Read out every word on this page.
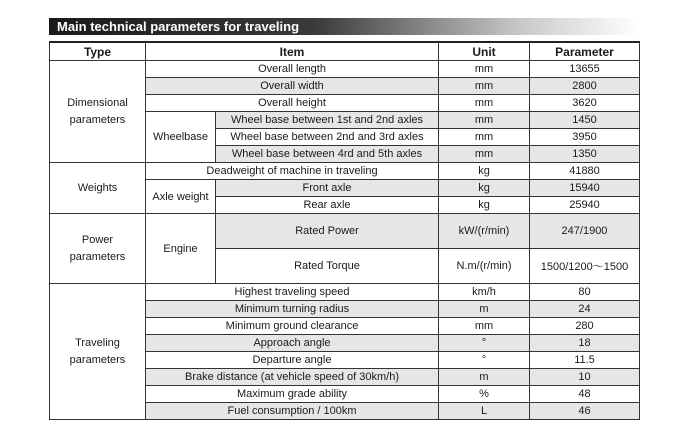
Main technical parameters for traveling
Type	Item		Unit	Parameter

Dimensional
parameters	Overall length		mm	13655
	Overall width		mm	2800
	Overall height		mm	3620
	Wheelbase	Wheel base between 1st and 2nd axles	mm	1450
		Wheel base between 2nd and 3rd axles	mm	3950
		Wheel base between 4rd and 5th axles	mm	1350
Weights	Deadweight of machine in traveling		kg	41880
	Axle weight	Front axle	kg	15940
		Rear axle	kg	25940

Power
parameters	Engine	Rated Power	kW/(r/min)	247/1900
		Rated Torque	N.m/(r/min)	1500/1200～1500

Traveling
parameters	Highest traveling speed		km/h	80
	Minimum turning radius		m	24
	Minimum ground clearance		mm	280
	Approach angle		°	18
	Departure angle		°	11.5
	Brake distance (at vehicle speed of 30km/h)		m	10
	Maximum grade ability		%	48
	Fuel consumption / 100km		L	46
